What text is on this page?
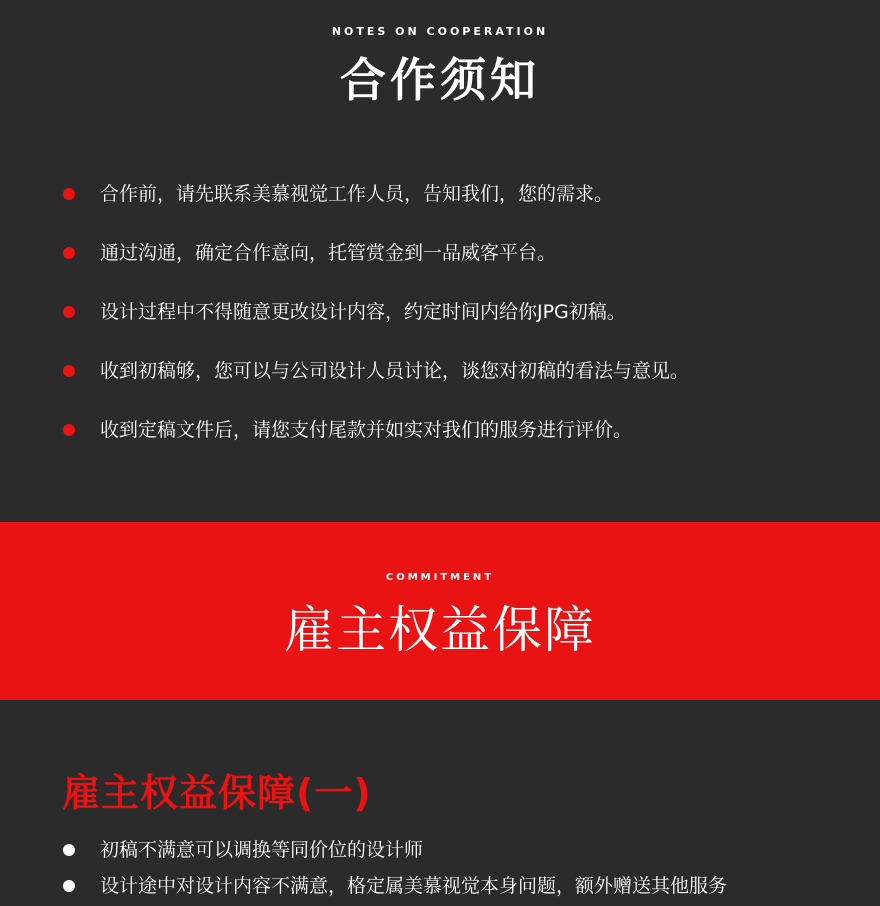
NOTES ON COOPERATION
合作须知
合作前，请先联系美慕视觉工作人员，告知我们，您的需求。
通过沟通，确定合作意向，托管赏金到一品威客平台。
设计过程中不得随意更改设计内容，约定时间内给你JPG初稿。
收到初稿够，您可以与公司设计人员讨论，谈您对初稿的看法与意见。
收到定稿文件后，请您支付尾款并如实对我们的服务进行评价。
COMMITMENT
雇主权益保障
雇主权益保障(一)
初稿不满意可以调换等同价位的设计师
设计途中对设计内容不满意，格定属美慕视觉本身问题，额外赠送其他服务
